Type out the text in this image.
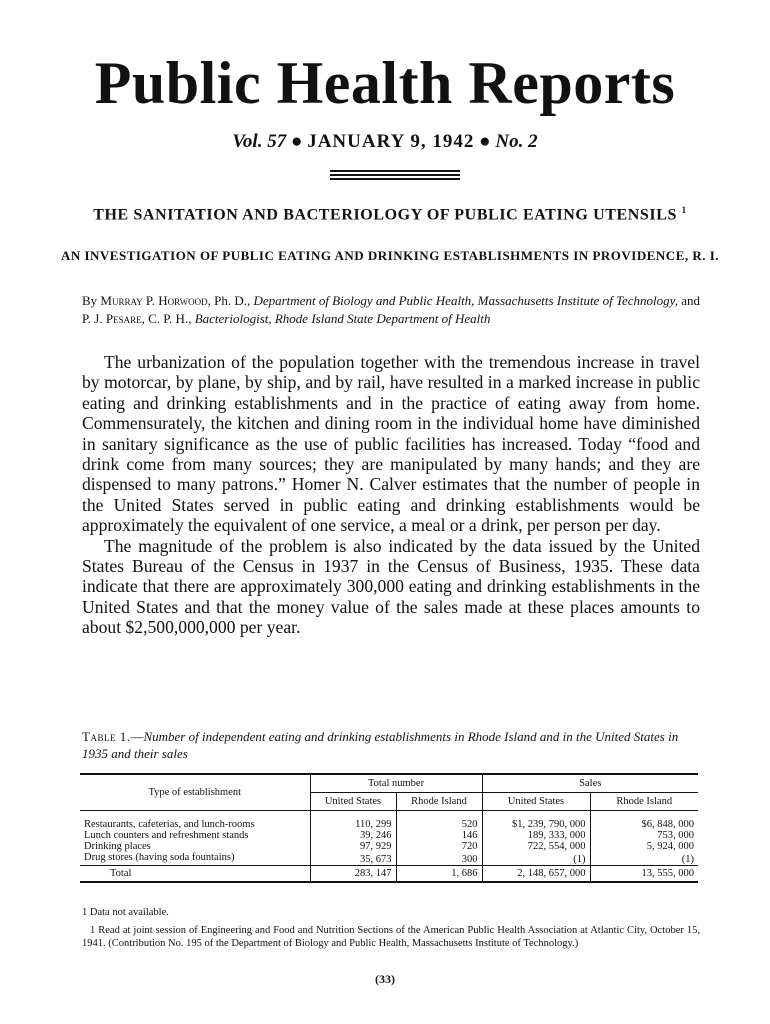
Public Health Reports
Vol. 57 ● JANUARY 9, 1942 ● No. 2
THE SANITATION AND BACTERIOLOGY OF PUBLIC EATING UTENSILS $^1$
AN INVESTIGATION OF PUBLIC EATING AND DRINKING ESTABLISHMENTS IN PROVIDENCE, R. I.
By Murray P. Horwood, Ph. D., Department of Biology and Public Health, Massachusetts Institute of Technology, and P. J. Pesare, C. P. H., Bacteriologist, Rhode Island State Department of Health

The urbanization of the population together with the tremendous increase in travel by motorcar, by plane, by ship, and by rail, have resulted in a marked increase in public eating and drinking establishments and in the practice of eating away from home. Commensurately, the kitchen and dining room in the individual home have diminished in sanitary significance as the use of public facilities has increased. Today “food and drink come from many sources; they are manipulated by many hands; and they are dispensed to many patrons.” Homer N. Calver estimates that the number of people in the United States served in public eating and drinking establishments would be approximately the equivalent of one service, a meal or a drink, per person per day.

The magnitude of the problem is also indicated by the data issued by the United States Bureau of the Census in 1937 in the Census of Business, 1935. These data indicate that there are approximately 300,000 eating and drinking establishments in the United States and that the money value of the sales made at these places amounts to about $2,500,000,000 per year.

Table 1.—Number of independent eating and drinking establishments in Rhode Island and in the United States in 1935 and their sales
Type of establishment	Total number		Sales	
	United States	Rhode Island	United States	Rhode Island
Restaurants, cafeterias, and lunch-rooms	110, 299	520	$1, 239, 790, 000	$6, 848, 000
Lunch counters and refreshment stands	39, 246	146	189, 333, 000	753, 000
Drinking places	97, 929	720	722, 554, 000	5, 924, 000
Drug stores (having soda fountains)	35, 673	300	(1)	(1)
Total	283, 147	1, 686	2, 148, 657, 000	13, 555, 000
1 Data not available.
1 Read at joint session of Engineering and Food and Nutrition Sections of the American Public Health Association at Atlantic City, October 15, 1941. (Contribution No. 195 of the Department of Biology and Public Health, Massachusetts Institute of Technology.)
(33)
